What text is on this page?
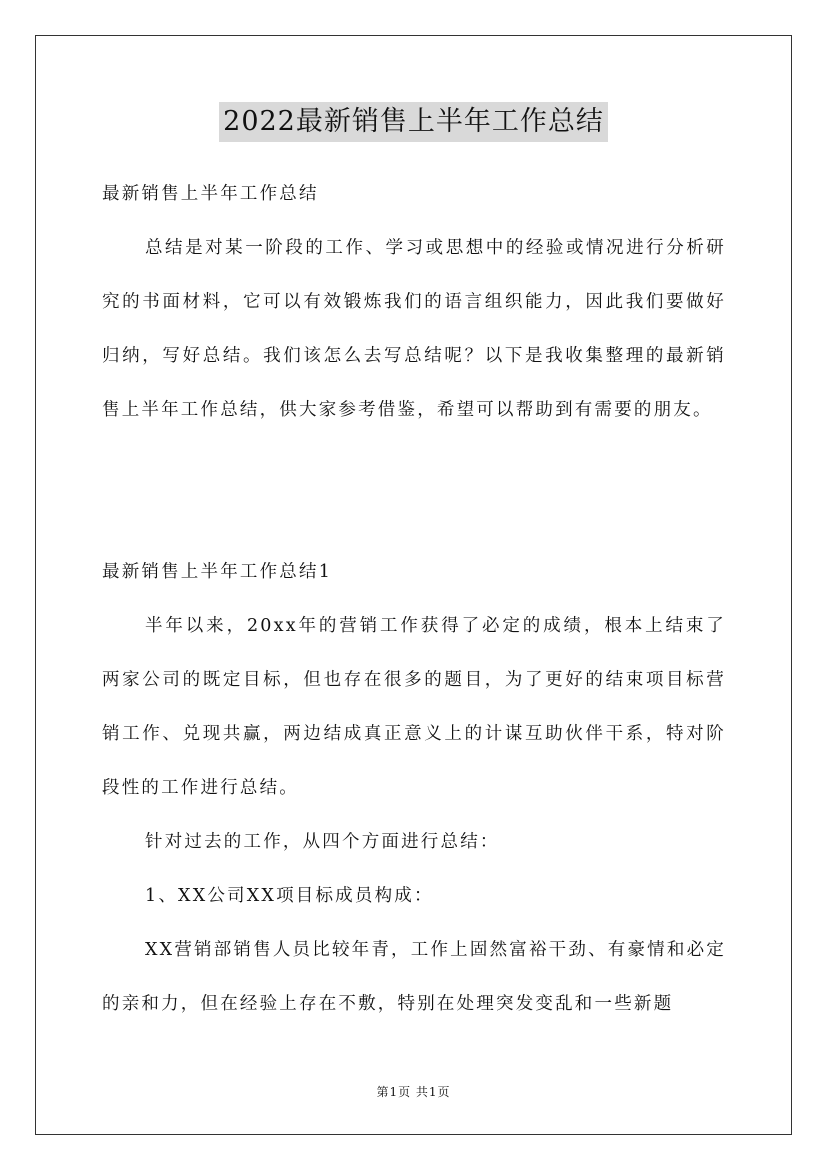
2022最新销售上半年工作总结

最新销售上半年工作总结

总结是对某一阶段的工作、学习或思想中的经验或情况进行分析研究的书面材料，它可以有效锻炼我们的语言组织能力，因此我们要做好归纳，写好总结。我们该怎么去写总结呢？以下是我收集整理的最新销售上半年工作总结，供大家参考借鉴，希望可以帮助到有需要的朋友。

最新销售上半年工作总结1

半年以来，20xx年的营销工作获得了必定的成绩，根本上结束了两家公司的既定目标，但也存在很多的题目，为了更好的结束项目标营销工作、兑现共赢，两边结成真正意义上的计谋互助伙伴干系，特对阶段性的工作进行总结。

针对过去的工作，从四个方面进行总结：

1、XX公司XX项目标成员构成：

XX营销部销售人员比较年青，工作上固然富裕干劲、有豪情和必定的亲和力，但在经验上存在不敷，特别在处理突发变乱和一些新题

第1页 共1页
